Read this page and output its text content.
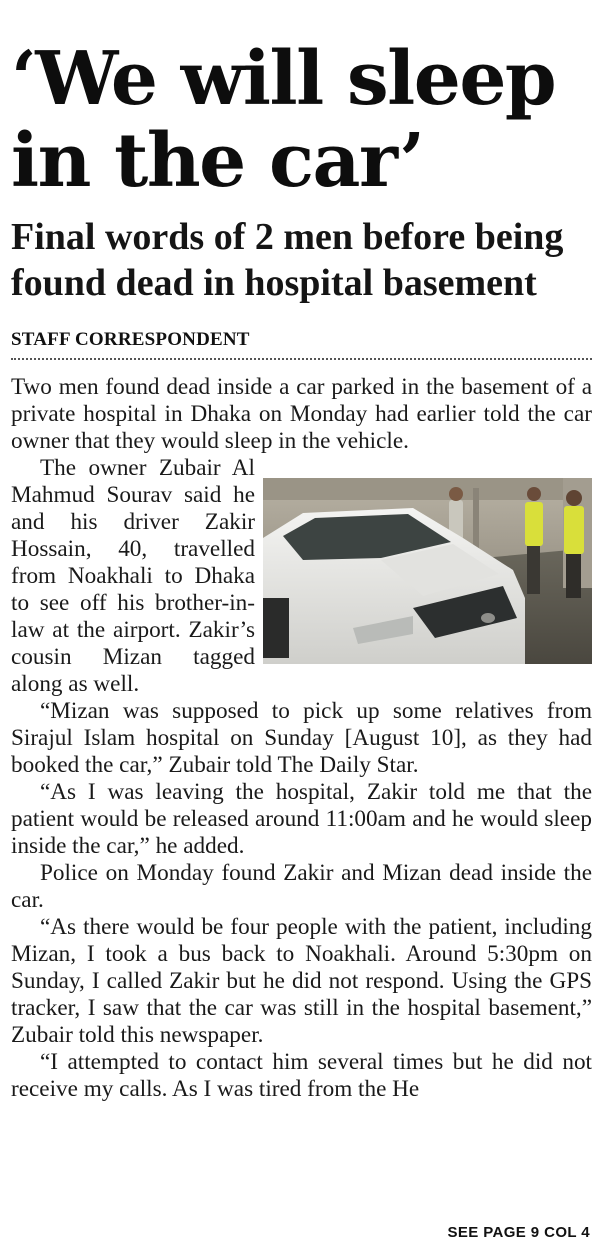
‘We will sleep in the car’
Final words of 2 men before being found dead in hospital basement
STAFF CORRESPONDENT

Two men found dead inside a car parked in the basement of a private hospital in Dhaka on Monday had earlier told the car owner that they would sleep in the vehicle.

The owner Zubair Al Mahmud Sourav said he and his driver Zakir Hossain, 40, travelled from Noakhali to Dhaka to see off his brother-in-law at the airport. Zakir’s cousin Mizan tagged along as well.

“Mizan was supposed to pick up some relatives from Sirajul Islam hospital on Sunday [August 10], as they had booked the car,” Zubair told The Daily Star.

“As I was leaving the hospital, Zakir told me that the patient would be released around 11:00am and he would sleep inside the car,” he added.

Police on Monday found Zakir and Mizan dead inside the car.

“As there would be four people with the patient, including Mizan, I took a bus back to Noakhali. Around 5:30pm on Sunday, I called Zakir but he did not respond. Using the GPS tracker, I saw that the car was still in the hospital basement,” Zubair told this newspaper.

“I attempted to contact him several times but he did not receive my calls. As I was tired from the He

SEE PAGE 9 COL 4
